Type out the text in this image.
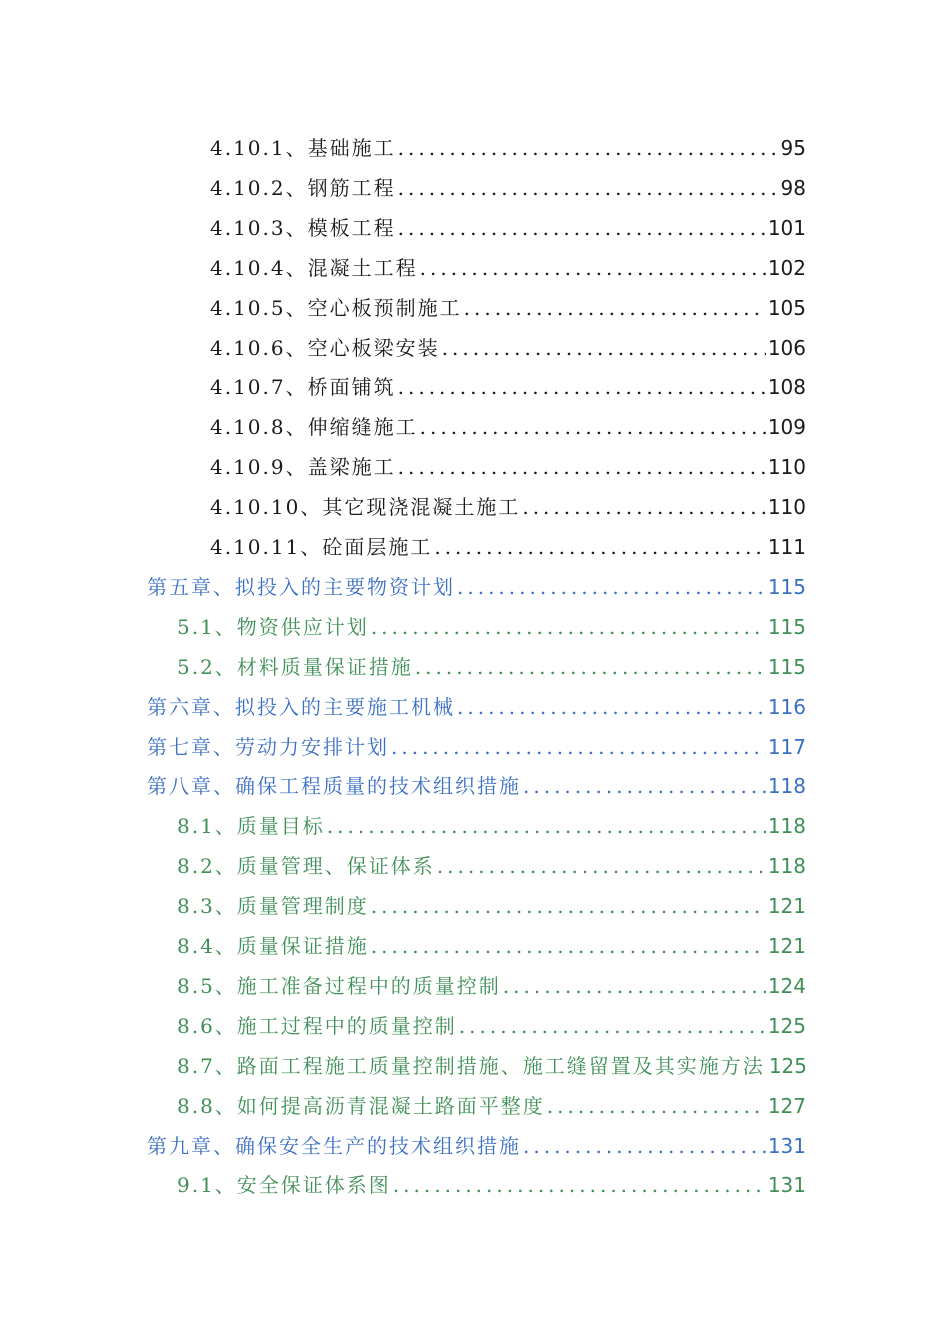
4.10.1、基础施工 .....	95
4.10.2、钢筋工程 .....	98
4.10.3、模板工程 .....	101
4.10.4、混凝土工程 .....	102
4.10.5、空心板预制施工 .....	105
4.10.6、空心板梁安装 .....	106
4.10.7、桥面铺筑 .....	108
4.10.8、伸缩缝施工 .....	109
4.10.9、盖梁施工 .....	110
4.10.10、其它现浇混凝土施工 .....	110
4.10.11、砼面层施工 .....	111
第五章、拟投入的主要物资计划 .....	115
5.1、物资供应计划 .....	115
5.2、材料质量保证措施 .....	115
第六章、拟投入的主要施工机械 .....	116
第七章、劳动力安排计划 .....	117
第八章、确保工程质量的技术组织措施 .....	118
8.1、质量目标 .....	118
8.2、质量管理、保证体系 .....	118
8.3、质量管理制度 .....	121
8.4、质量保证措施 .....	121
8.5、施工准备过程中的质量控制 .....	124
8.6、施工过程中的质量控制 .....	125
8.7、路面工程施工质量控制措施、施工缝留置及其实施方法 125
8.8、如何提高沥青混凝土路面平整度 .....	127
第九章、确保安全生产的技术组织措施 .....	131
9.1、安全保证体系图 .....	131
